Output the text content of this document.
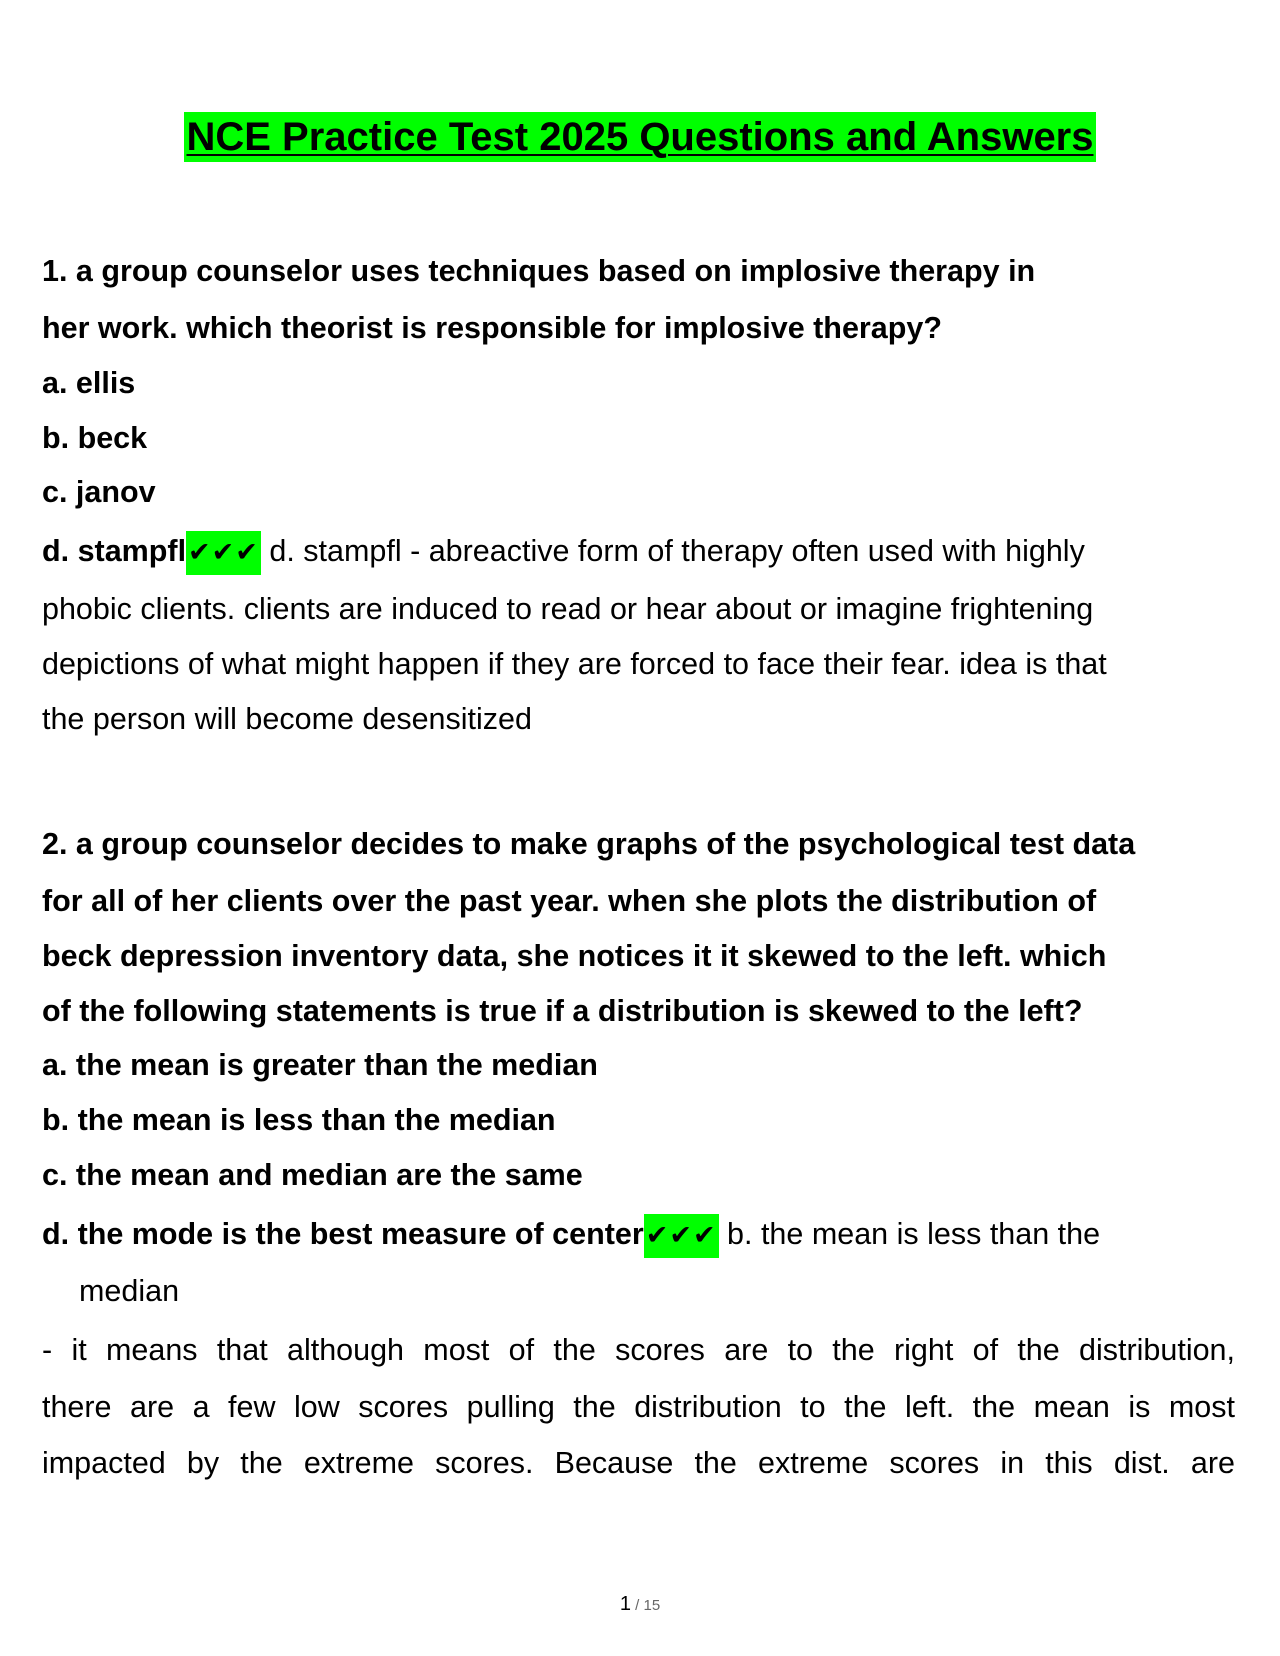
NCE Practice Test 2025 Questions and Answers
1. a group counselor uses techniques based on implosive therapy in
her work. which theorist is responsible for implosive therapy?
a. ellis
b. beck
c. janov
d. stampfl✔✔✔ d. stampfl - abreactive form of therapy often used with highly
phobic clients. clients are induced to read or hear about or imagine frightening
depictions of what might happen if they are forced to face their fear. idea is that
the person will become desensitized
2. a group counselor decides to make graphs of the psychological test data
for all of her clients over the past year. when she plots the distribution of
beck depression inventory data, she notices it it skewed to the left. which
of the following statements is true if a distribution is skewed to the left?
a. the mean is greater than the median
b. the mean is less than the median
c. the mean and median are the same
d. the mode is the best measure of center✔✔✔ b. the mean is less than the
median
- it means that although most of the scores are to the right of the distribution,
there are a few low scores pulling the distribution to the left. the mean is most
impacted by the extreme scores. Because the extreme scores in this dist. are
1 / 15
